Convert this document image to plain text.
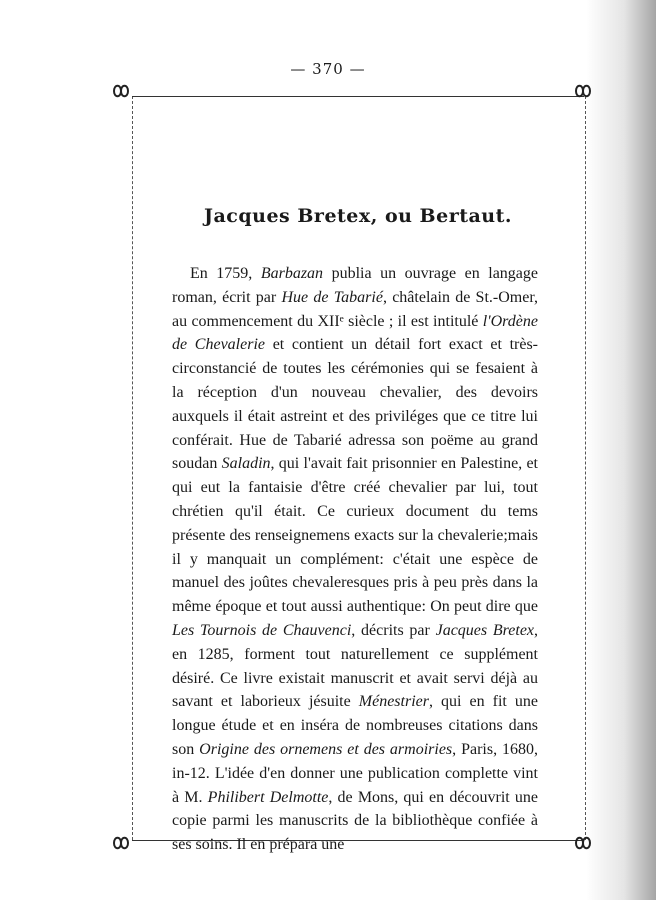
— 370 —
Jacques Bretex, ou Bertaut.

En 1759, Barbazan publia un ouvrage en langage roman, écrit par Hue de Tabarié, châtelain de St.-Omer, au commencement du XIIᵉ siècle ; il est intitulé l'Ordène de Chevalerie et contient un détail fort exact et très-circonstancié de toutes les cérémonies qui se fesaient à la réception d'un nouveau chevalier, des devoirs auxquels il était astreint et des priviléges que ce titre lui conférait. Hue de Tabarié adressa son poëme au grand soudan Saladin, qui l'avait fait prisonnier en Palestine, et qui eut la fantaisie d'être créé chevalier par lui, tout chrétien qu'il était. Ce curieux document du tems présente des renseignemens exacts sur la chevalerie;mais il y manquait un complément: c'était une espèce de manuel des joûtes chevaleresques pris à peu près dans la même époque et tout aussi authentique: On peut dire que Les Tournois de Chauvenci, décrits par Jacques Bretex, en 1285, forment tout naturellement ce supplément désiré. Ce livre existait manuscrit et avait servi déjà au savant et laborieux jésuite Ménestrier, qui en fit une longue étude et en inséra de nombreuses citations dans son Origine des ornemens et des armoiries, Paris, 1680, in-12. L'idée d'en donner une publication complette vint à M. Philibert Delmotte, de Mons, qui en découvrit une copie parmi les manuscrits de la bibliothèque confiée à ses soins. Il en prépara une
